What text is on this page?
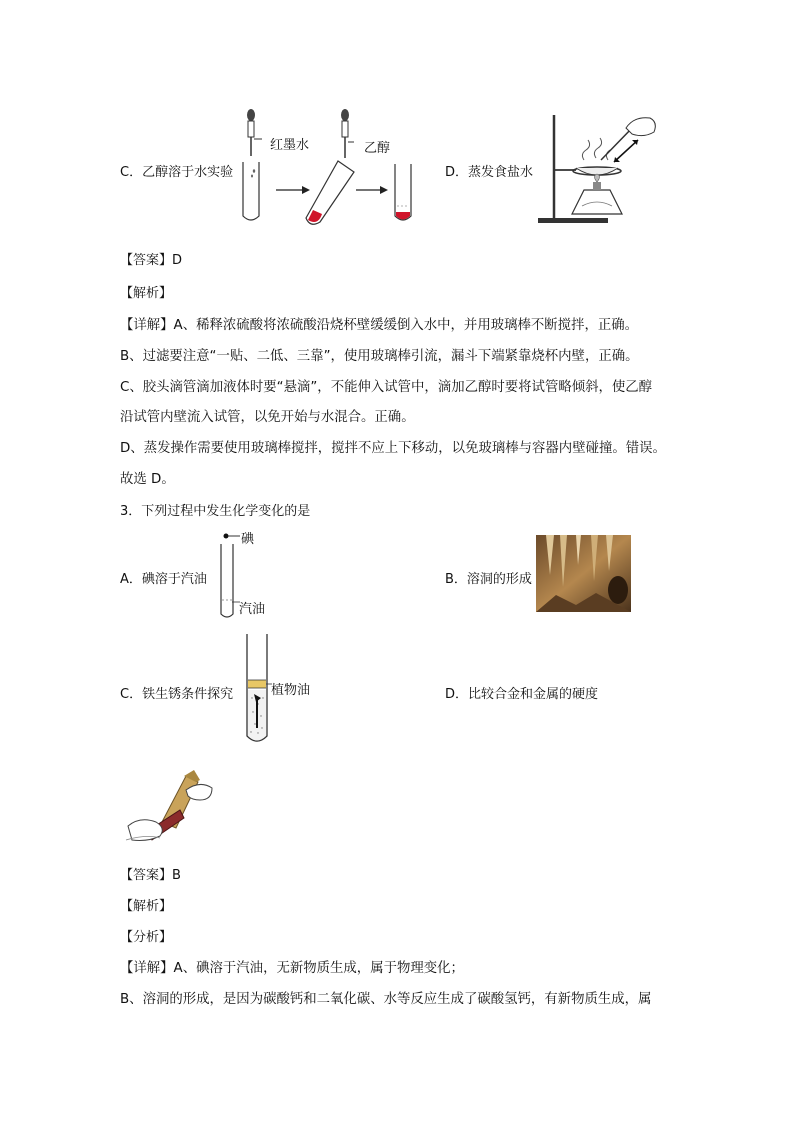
C．乙醇溶于水实验
红墨水	乙醇
D．蒸发食盐水
【答案】D
【解析】
【详解】A、稀释浓硫酸将浓硫酸沿烧杯壁缓缓倒入水中，并用玻璃棒不断搅拌，正确。
B、过滤要注意“一贴、二低、三靠”，使用玻璃棒引流，漏斗下端紧靠烧杯内壁，正确。
C、胶头滴管滴加液体时要“悬滴”，不能伸入试管中，滴加乙醇时要将试管略倾斜，使乙醇
沿试管内壁流入试管，以免开始与水混合。正确。
D、蒸发操作需要使用玻璃棒搅拌，搅拌不应上下移动，以免玻璃棒与容器内壁碰撞。错误。
故选 D。
3．下列过程中发生化学变化的是
A．碘溶于汽油
碘
汽油
B．溶洞的形成
C．铁生锈条件探究	植物油	D．比较合金和金属的硬度
【答案】B
【解析】
【分析】
【详解】A、碘溶于汽油，无新物质生成，属于物理变化；
B、溶洞的形成，是因为碳酸钙和二氧化碳、水等反应生成了碳酸氢钙，有新物质生成，属
